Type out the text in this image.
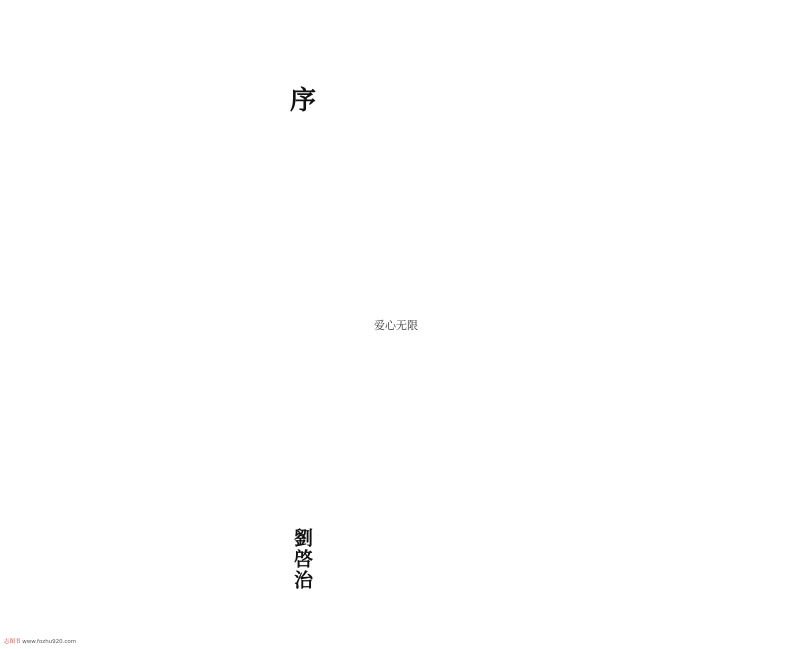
序

劉啓治
爱心无限
志图书 www.fozhu920.com
